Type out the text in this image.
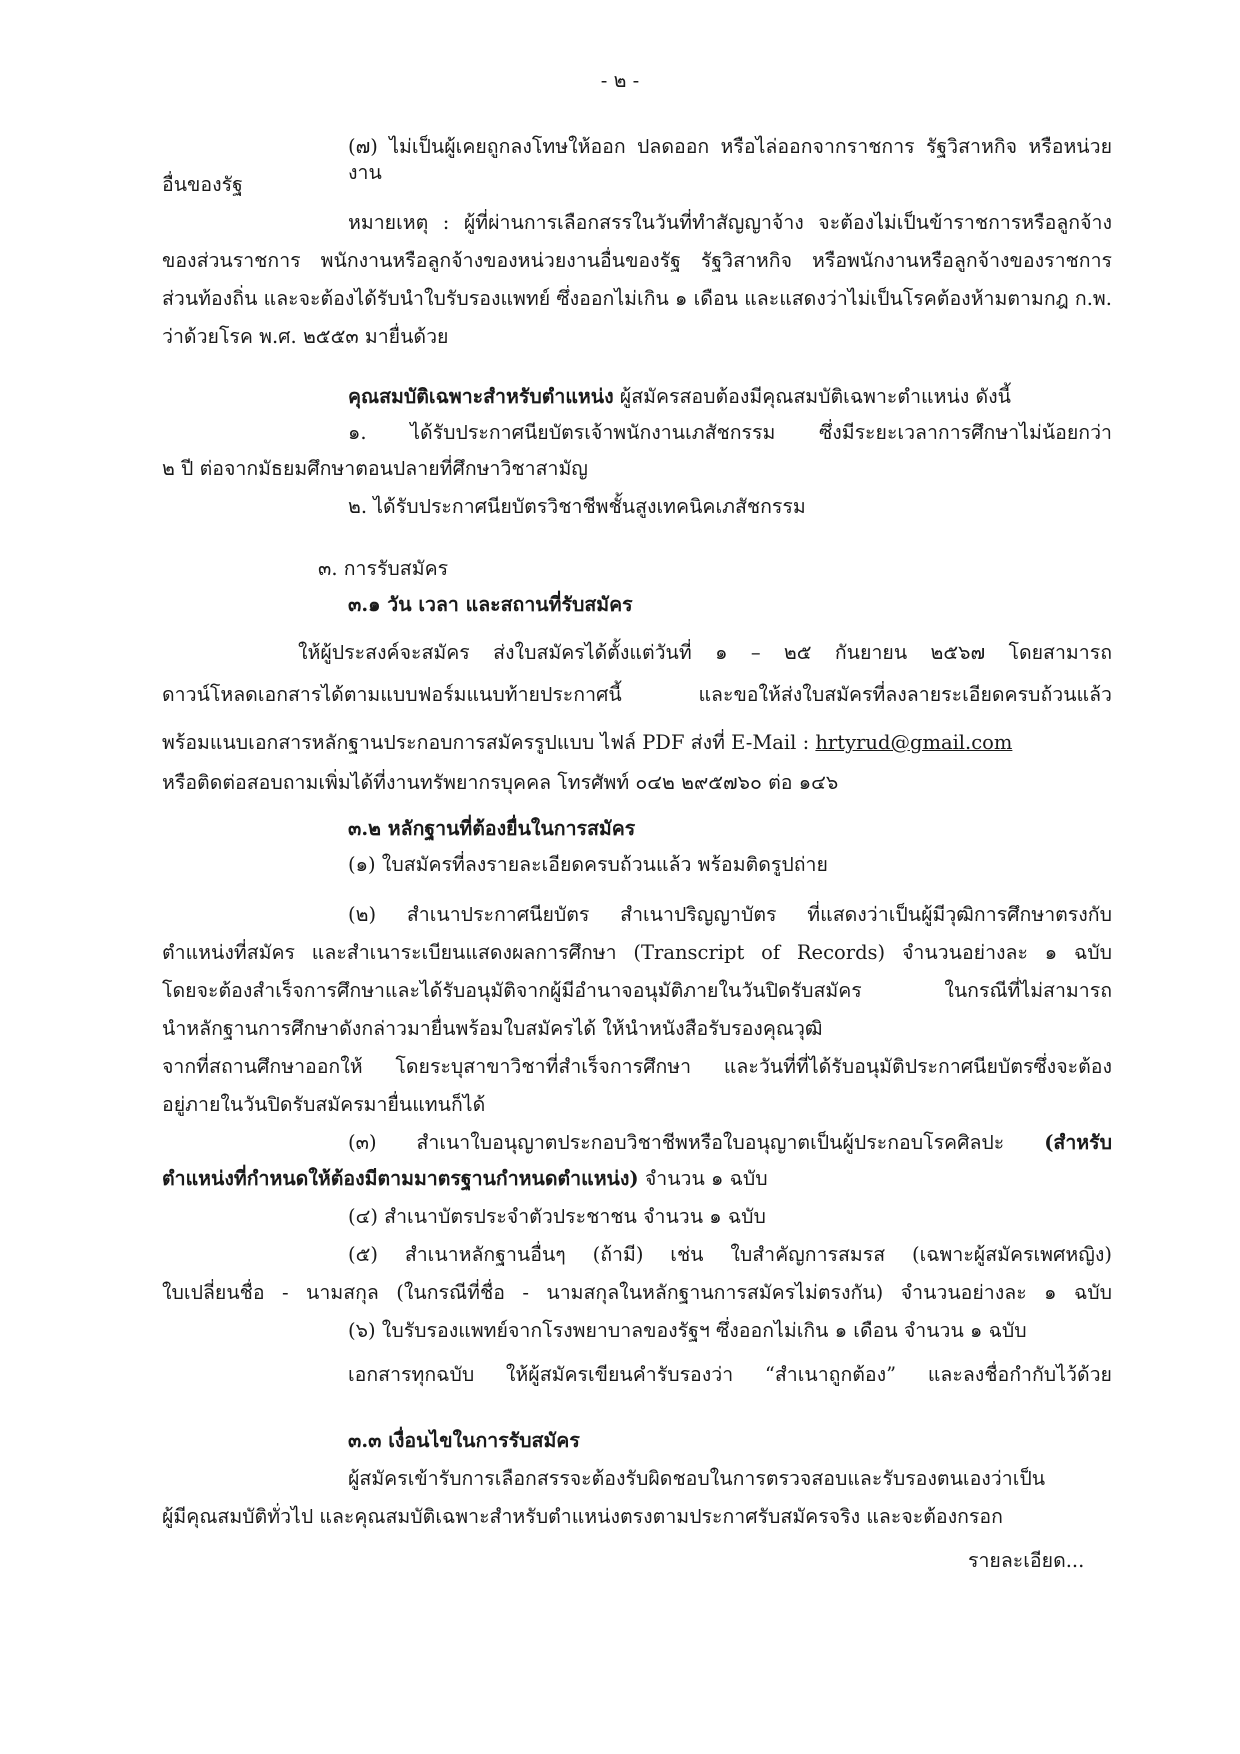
- ๒ -
(๗) ไม่เป็นผู้เคยถูกลงโทษให้ออก ปลดออก หรือไล่ออกจากราชการ รัฐวิสาหกิจ หรือหน่วยงาน
อื่นของรัฐ
หมายเหตุ : ผู้ที่ผ่านการเลือกสรรในวันที่ทำสัญญาจ้าง จะต้องไม่เป็นข้าราชการหรือลูกจ้าง
ของส่วนราชการ พนักงานหรือลูกจ้างของหน่วยงานอื่นของรัฐ รัฐวิสาหกิจ หรือพนักงานหรือลูกจ้างของราชการ
ส่วนท้องถิ่น และจะต้องได้รับนำใบรับรองแพทย์ ซึ่งออกไม่เกิน ๑ เดือน และแสดงว่าไม่เป็นโรคต้องห้ามตามกฎ ก.พ.
ว่าด้วยโรค พ.ศ. ๒๕๕๓ มายื่นด้วย
คุณสมบัติเฉพาะสำหรับตำแหน่ง ผู้สมัครสอบต้องมีคุณสมบัติเฉพาะตำแหน่ง ดังนี้
๑. ได้รับประกาศนียบัตรเจ้าพนักงานเภสัชกรรม ซึ่งมีระยะเวลาการศึกษาไม่น้อยกว่า
๒ ปี ต่อจากมัธยมศึกษาตอนปลายที่ศึกษาวิชาสามัญ
๒. ได้รับประกาศนียบัตรวิชาชีพชั้นสูงเทคนิคเภสัชกรรม
๓. การรับสมัคร
๓.๑ วัน เวลา และสถานที่รับสมัคร
ให้ผู้ประสงค์จะสมัคร ส่งใบสมัครได้ตั้งแต่วันที่ ๑ – ๒๕ กันยายน ๒๕๖๗ โดยสามารถ
ดาวน์โหลดเอกสารได้ตามแบบฟอร์มแนบท้ายประกาศนี้ และขอให้ส่งใบสมัครที่ลงลายระเอียดครบถ้วนแล้ว
พร้อมแนบเอกสารหลักฐานประกอบการสมัครรูปแบบ ไฟล์ PDF ส่งที่ E-Mail : hrtyrud@gmail.com
หรือติดต่อสอบถามเพิ่มได้ที่งานทรัพยากรบุคคล โทรศัพท์ ๐๔๒ ๒๙๕๗๖๐ ต่อ ๑๔๖
๓.๒ หลักฐานที่ต้องยื่นในการสมัคร
(๑) ใบสมัครที่ลงรายละเอียดครบถ้วนแล้ว พร้อมติดรูปถ่าย
(๒) สำเนาประกาศนียบัตร สำเนาปริญญาบัตร ที่แสดงว่าเป็นผู้มีวุฒิการศึกษาตรงกับ
ตำแหน่งที่สมัคร และสำเนาระเบียนแสดงผลการศึกษา (Transcript of Records) จำนวนอย่างละ ๑ ฉบับ
โดยจะต้องสำเร็จการศึกษาและได้รับอนุมัติจากผู้มีอำนาจอนุมัติภายในวันปิดรับสมัคร ในกรณีที่ไม่สามารถ
นำหลักฐานการศึกษาดังกล่าวมายื่นพร้อมใบสมัครได้ ให้นำหนังสือรับรองคุณวุฒิ
จากที่สถานศึกษาออกให้ โดยระบุสาขาวิชาที่สำเร็จการศึกษา และวันที่ที่ได้รับอนุมัติประกาศนียบัตรซึ่งจะต้อง
อยู่ภายในวันปิดรับสมัครมายื่นแทนก็ได้
(๓) สำเนาใบอนุญาตประกอบวิชาชีพหรือใบอนุญาตเป็นผู้ประกอบโรคศิลปะ (สำหรับ
ตำแหน่งที่กำหนดให้ต้องมีตามมาตรฐานกำหนดตำแหน่ง) จำนวน ๑ ฉบับ
(๔) สำเนาบัตรประจำตัวประชาชน จำนวน ๑ ฉบับ
(๕) สำเนาหลักฐานอื่นๆ (ถ้ามี) เช่น ใบสำคัญการสมรส (เฉพาะผู้สมัครเพศหญิง)
ใบเปลี่ยนชื่อ - นามสกุล (ในกรณีที่ชื่อ - นามสกุลในหลักฐานการสมัครไม่ตรงกัน) จำนวนอย่างละ ๑ ฉบับ
(๖) ใบรับรองแพทย์จากโรงพยาบาลของรัฐฯ ซึ่งออกไม่เกิน ๑ เดือน จำนวน ๑ ฉบับ
เอกสารทุกฉบับ ให้ผู้สมัครเขียนคำรับรองว่า “สำเนาถูกต้อง” และลงชื่อกำกับไว้ด้วย
๓.๓ เงื่อนไขในการรับสมัคร
ผู้สมัครเข้ารับการเลือกสรรจะต้องรับผิดชอบในการตรวจสอบและรับรองตนเองว่าเป็น
ผู้มีคุณสมบัติทั่วไป และคุณสมบัติเฉพาะสำหรับตำแหน่งตรงตามประกาศรับสมัครจริง และจะต้องกรอก
รายละเอียด...
